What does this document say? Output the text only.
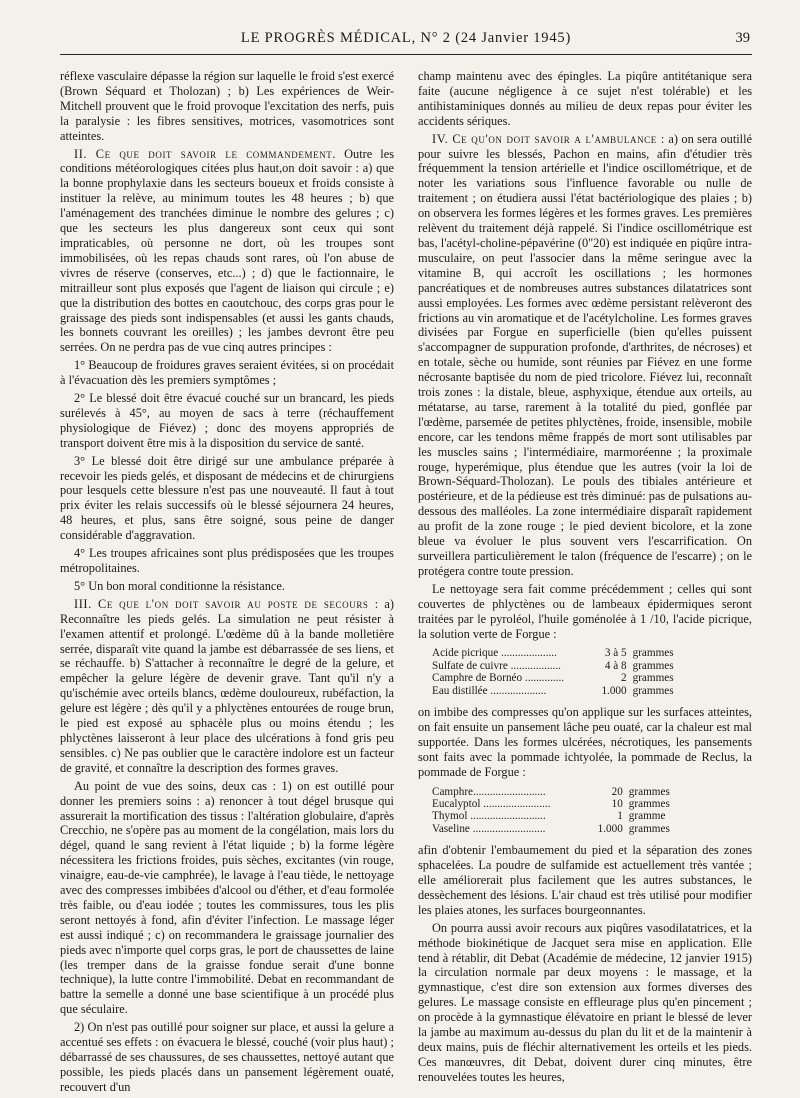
LE PROGRÈS MÉDICAL, N° 2 (24 Janvier 1945)	39

réflexe vasculaire dépasse la région sur laquelle le froid s'est exercé (Brown Séquard et Tholozan) ; b) Les expériences de Weir-Mitchell prouvent que le froid provoque l'excitation des nerfs, puis la paralysie : les fibres sensitives, motrices, vasomotrices sont atteintes.

II. Ce que doit savoir le commandement. Outre les conditions météorologiques citées plus haut,on doit savoir : a) que la bonne prophylaxie dans les secteurs boueux et froids consiste à instituer la relève, au minimum toutes les 48 heures ; b) que l'aménagement des tranchées diminue le nombre des gelures ; c) que les secteurs les plus dangereux sont ceux qui sont impraticables, où personne ne dort, où les troupes sont immobilisées, où les repas chauds sont rares, où l'on abuse de vivres de réserve (conserves, etc...) ; d) que le factionnaire, le mitrailleur sont plus exposés que l'agent de liaison qui circule ; e) que la distribution des bottes en caoutchouc, des corps gras pour le graissage des pieds sont indispensables (et aussi les gants chauds, les bonnets couvrant les oreilles) ; les jambes devront être peu serrées. On ne perdra pas de vue cinq autres principes :

1° Beaucoup de froidures graves seraient évitées, si on procédait à l'évacuation dès les premiers symptômes ;

2° Le blessé doit être évacué couché sur un brancard, les pieds surélevés à 45°, au moyen de sacs à terre (réchauffement physiologique de Fiévez) ; donc des moyens appropriés de transport doivent être mis à la disposition du service de santé.

3° Le blessé doit être dirigé sur une ambulance préparée à recevoir les pieds gelés, et disposant de médecins et de chirurgiens pour lesquels cette blessure n'est pas une nouveauté. Il faut à tout prix éviter les relais successifs où le blessé séjournera 24 heures, 48 heures, et plus, sans être soigné, sous peine de danger considérable d'aggravation.

4° Les troupes africaines sont plus prédisposées que les troupes métropolitaines.

5° Un bon moral conditionne la résistance.

III. Ce que l'on doit savoir au poste de secours : a) Reconnaître les pieds gelés. La simulation ne peut résister à l'examen attentif et prolongé. L'œdème dû à la bande molletière serrée, disparaît vite quand la jambe est débarrassée de ses liens, et se réchauffe. b) S'attacher à reconnaître le degré de la gelure, et empêcher la gelure légère de devenir grave. Tant qu'il n'y a qu'ischémie avec orteils blancs, œdème douloureux, rubéfaction, la gelure est légère ; dès qu'il y a phlyctènes entourées de rouge brun, le pied est exposé au sphacèle plus ou moins étendu ; les phlyctènes laisseront à leur place des ulcérations à fond gris peu sensibles. c) Ne pas oublier que le caractère indolore est un facteur de gravité, et connaître la description des formes graves.

Au point de vue des soins, deux cas : 1) on est outillé pour donner les premiers soins : a) renoncer à tout dégel brusque qui assurerait la mortification des tissus : l'altération globulaire, d'après Crecchio, ne s'opère pas au moment de la congélation, mais lors du dégel, quand le sang revient à l'état liquide ; b) la forme légère nécessitera les frictions froides, puis sèches, excitantes (vin rouge, vinaigre, eau-de-vie camphrée), le lavage à l'eau tiède, le nettoyage avec des compresses imbibées d'alcool ou d'éther, et d'eau formolée très faible, ou d'eau iodée ; toutes les commissures, tous les plis seront nettoyés à fond, afin d'éviter l'infection. Le massage léger est aussi indiqué ; c) on recommandera le graissage journalier des pieds avec n'importe quel corps gras, le port de chaussettes de laine (les tremper dans de la graisse fondue serait d'une bonne technique), la lutte contre l'immobilité. Debat en recommandant de battre la semelle a donné une base scientifique à un procédé plus que séculaire.

2) On n'est pas outillé pour soigner sur place, et aussi la gelure a accentué ses effets : on évacuera le blessé, couché (voir plus haut) ; débarrassé de ses chaussures, de ses chaussettes, nettoyé autant que possible, les pieds placés dans un pansement légèrement ouaté, recouvert d'un

champ maintenu avec des épingles. La piqûre antitétanique sera faite (aucune négligence à ce sujet n'est tolérable) et les antihistaminiques donnés au milieu de deux repas pour éviter les accidents sériques.

IV. Ce qu'on doit savoir a l'ambulance : a) on sera outillé pour suivre les blessés, Pachon en mains, afin d'étudier très fréquemment la tension artérielle et l'indice oscillométrique, et de noter les variations sous l'influence favorable ou nulle de traitement ; on étudiera aussi l'état bactériologique des plaies ; b) on observera les formes légères et les formes graves. Les premières relèvent du traitement déjà rappelé. Si l'indice oscillométrique est bas, l'acétyl-choline-pépavérine (0"20) est indiquée en piqûre intra-musculaire, on peut l'associer dans la même seringue avec la vitamine B, qui accroît les oscillations ; les hormones pancréatiques et de nombreuses autres substances dilatatrices sont aussi employées. Les formes avec œdème persistant relèveront des frictions au vin aromatique et de l'acétylcholine. Les formes graves divisées par Forgue en superficielle (bien qu'elles puissent s'accompagner de suppuration profonde, d'arthrites, de nécroses) et en totale, sèche ou humide, sont réunies par Fiévez en une forme nécrosante baptisée du nom de pied tricolore. Fiévez lui, reconnaît trois zones : la distale, bleue, asphyxique, étendue aux orteils, au métatarse, au tarse, rarement à la totalité du pied, gonflée par l'œdème, parsemée de petites phlyctènes, froide, insensible, mobile encore, car les tendons même frappés de mort sont utilisables par les muscles sains ; l'intermédiaire, marmoréenne ; la proximale rouge, hyperémique, plus étendue que les autres (voir la loi de Brown-Séquard-Tholozan). Le pouls des tibiales antérieure et postérieure, et de la pédieuse est très diminué: pas de pulsations au-dessous des malléoles. La zone intermédiaire disparaît rapidement au profit de la zone rouge ; le pied devient bicolore, et la zone bleue va évoluer le plus souvent vers l'escarrification. On surveillera particulièrement le talon (fréquence de l'escarre) ; on le protégera contre toute pression.

Le nettoyage sera fait comme précédemment ; celles qui sont couvertes de phlyctènes ou de lambeaux épidermiques seront traitées par le pyroléol, l'huile goménolée à 1 /10, l'acide picrique, la solution verte de Forgue :

Acide picrique ....................	3 à 5	grammes
Sulfate de cuivre ..................	4 à 8	grammes
Camphre de Bornéo ..............	2	grammes
Eau distillée ....................	1.000	grammes

on imbibe des compresses qu'on applique sur les surfaces atteintes, on fait ensuite un pansement lâche peu ouaté, car la chaleur est mal supportée. Dans les formes ulcérées, nécrotiques, les pansements sont faits avec la pommade ichtyolée, la pommade de Reclus, la pommade de Forgue :

Camphre..........................	20	grammes
Eucalyptol ........................	10	grammes
Thymol ...........................	1	gramme
Vaseline ..........................	1.000	grammes

afin d'obtenir l'embaumement du pied et la séparation des zones sphacelées. La poudre de sulfamide est actuellement très vantée ; elle améliorerait plus facilement que les autres substances, le dessèchement des lésions. L'air chaud est très utilisé pour modifier les plaies atones, les surfaces bourgeonnantes.

On pourra aussi avoir recours aux piqûres vasodilatatrices, et la méthode biokinétique de Jacquet sera mise en application. Elle tend à rétablir, dit Debat (Académie de médecine, 12 janvier 1915) la circulation normale par deux moyens : le massage, et la gymnastique, c'est dire son extension aux formes diverses des gelures. Le massage consiste en effleurage plus qu'en pincement ; on procède à la gymnastique élévatoire en priant le blessé de lever la jambe au maximum au-dessus du plan du lit et de la maintenir à deux mains, puis de fléchir alternativement les orteils et les pieds. Ces manœuvres, dit Debat, doivent durer cinq minutes, être renouvelées toutes les heures,
